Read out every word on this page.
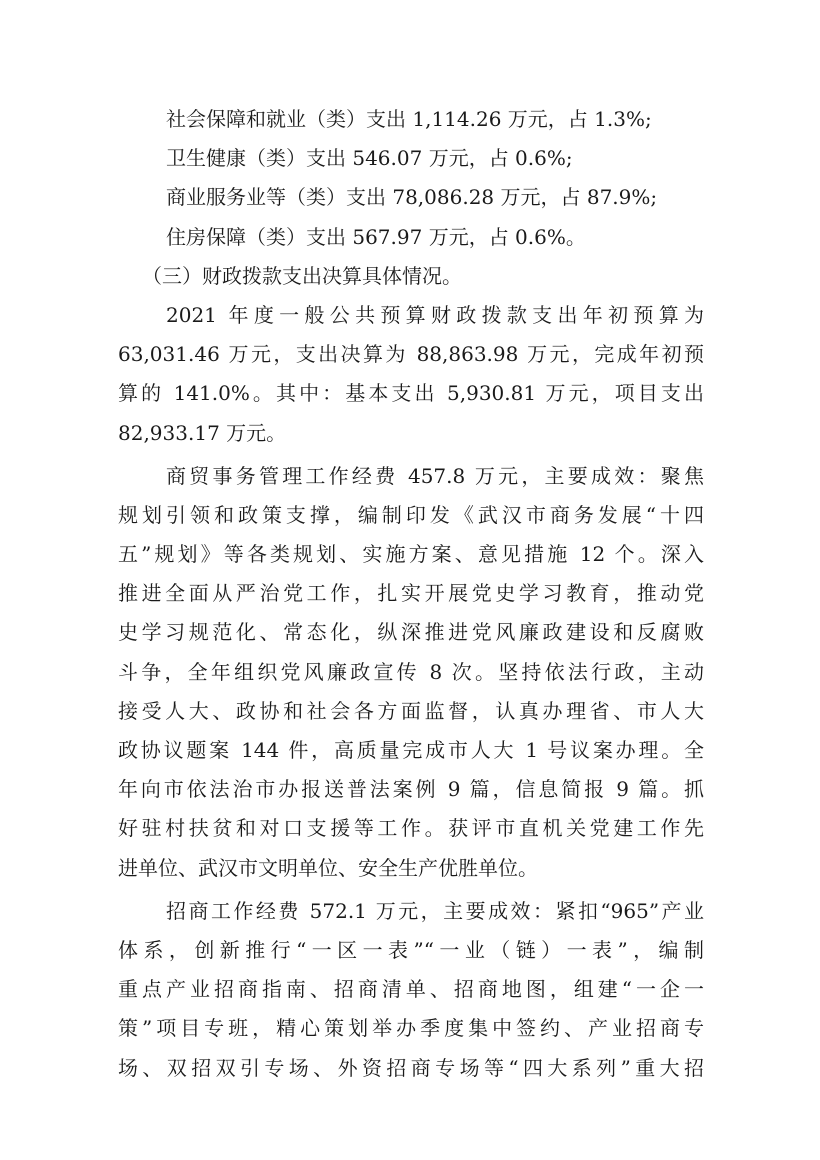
社会保障和就业（类）支出 1,114.26 万元，占 1.3%;

卫生健康（类）支出 546.07 万元，占 0.6%;

商业服务业等（类）支出 78,086.28 万元，占 87.9%;

住房保障（类）支出 567.97 万元，占 0.6%。

（三）财政拨款支出决算具体情况。

2021 年度一般公共预算财政拨款支出年初预算为

63,031.46 万元，支出决算为 88,863.98 万元，完成年初预

算的 141.0%。其中：基本支出 5,930.81 万元，项目支出

82,933.17 万元。

商贸事务管理工作经费 457.8 万元，主要成效：聚焦

规划引领和政策支撑，编制印发《武汉市商务发展“十四

五”规划》等各类规划、实施方案、意见措施 12 个。深入

推进全面从严治党工作，扎实开展党史学习教育，推动党

史学习规范化、常态化，纵深推进党风廉政建设和反腐败

斗争，全年组织党风廉政宣传 8 次。坚持依法行政，主动

接受人大、政协和社会各方面监督，认真办理省、市人大

政协议题案 144 件，高质量完成市人大 1 号议案办理。全

年向市依法治市办报送普法案例 9 篇，信息简报 9 篇。抓

好驻村扶贫和对口支援等工作。获评市直机关党建工作先

进单位、武汉市文明单位、安全生产优胜单位。

招商工作经费 572.1 万元，主要成效：紧扣“965”产业

体系，创新推行“一区一表”“一业（链）一表”，编制

重点产业招商指南、招商清单、招商地图，组建“一企一

策”项目专班，精心策划举办季度集中签约、产业招商专

场、双招双引专场、外资招商专场等“四大系列”重大招
